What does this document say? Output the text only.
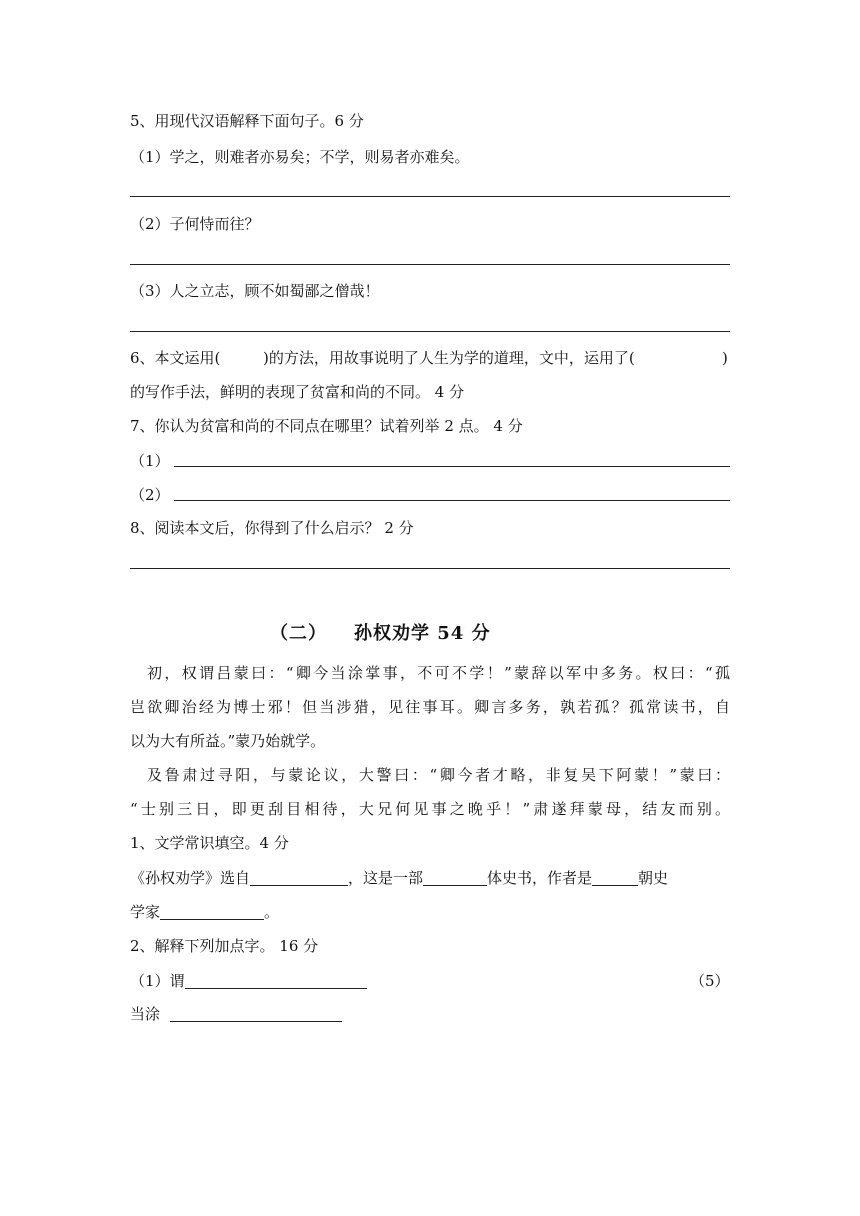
5、用现代汉语解释下面句子。6 分
（1）学之，则难者亦易矣；不学，则易者亦难矣。
（2）子何恃而往？
（3）人之立志，顾不如蜀鄙之僧哉！
6、本文运用(	)的方法，用故事说明了人生为学的道理，文中，运用了(	)
的写作手法，鲜明的表现了贫富和尚的不同。 4 分
7、你认为贫富和尚的不同点在哪里？试着列举 2 点。 4 分
（1）
（2）
8、阅读本文后，你得到了什么启示？ 2 分
（二） 孙权劝学 54 分
初，权谓吕蒙曰：“卿今当涂掌事，不可不学！”蒙辞以军中多务。权曰：“孤
岂欲卿治经为博士邪！但当涉猎，见往事耳。卿言多务，孰若孤？孤常读书，自
以为大有所益。”蒙乃始就学。
及鲁肃过寻阳，与蒙论议，大警曰：“卿今者才略，非复吴下阿蒙！”蒙曰：
“士别三日，即更刮目相待，大兄何见事之晚乎！”肃遂拜蒙母，结友而别。
1、文学常识填空。4 分
《孙权劝学》选自	，这是一部	体史书，作者是	朝史
学家	。
2、解释下列加点字。 16 分
（1）谓	（5）
当涂
